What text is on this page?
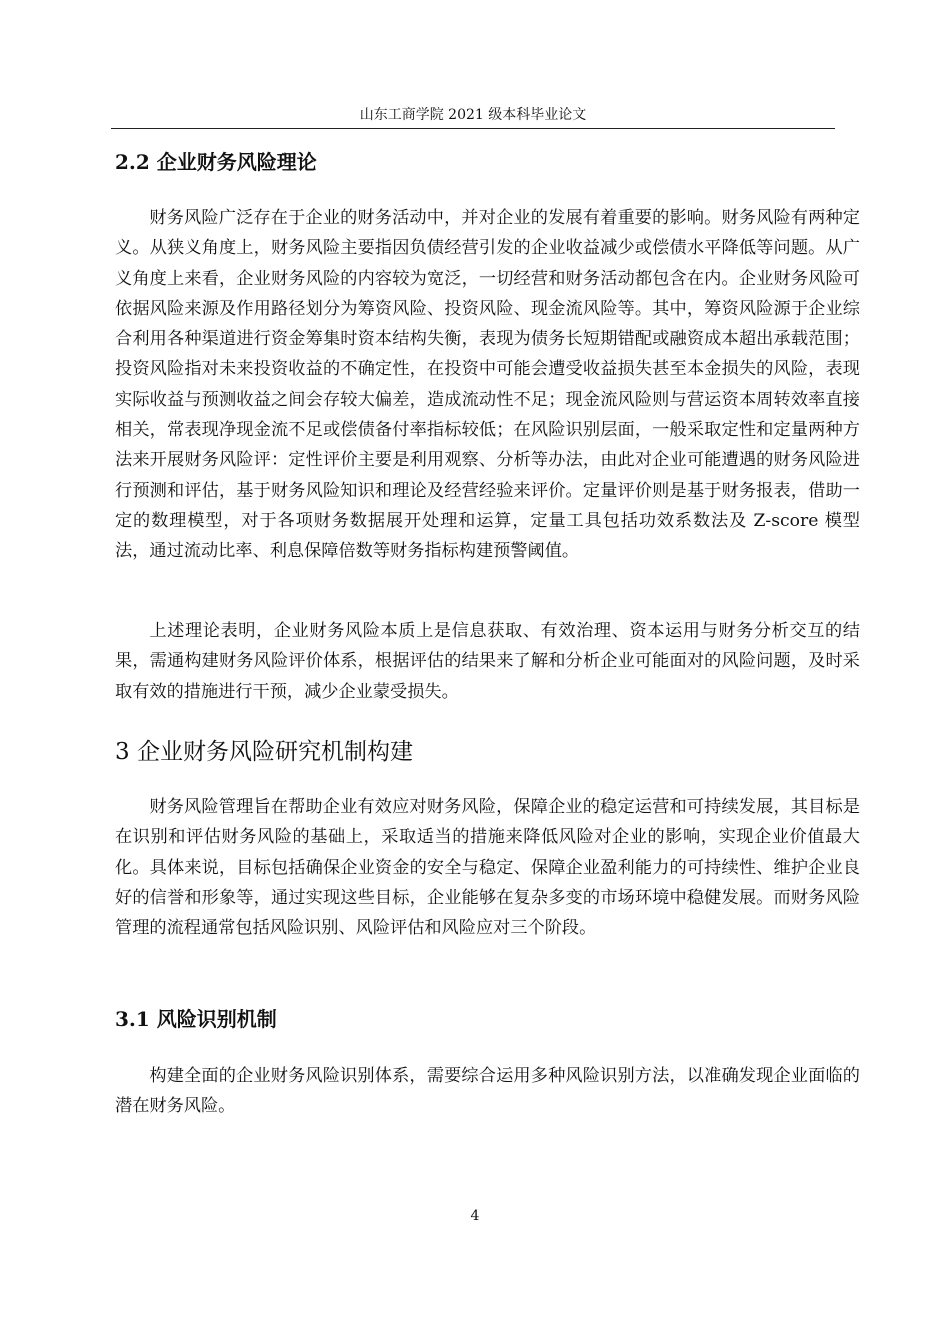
山东工商学院 2021 级本科毕业论文
2.2 企业财务风险理论

财务风险广泛存在于企业的财务活动中，并对企业的发展有着重要的影响。财务风险有两种定义。从狭义角度上，财务风险主要指因负债经营引发的企业收益减少或偿债水平降低等问题。从广义角度上来看，企业财务风险的内容较为宽泛，一切经营和财务活动都包含在内。企业财务风险可依据风险来源及作用路径划分为筹资风险、投资风险、现金流风险等。其中，筹资风险源于企业综合利用各种渠道进行资金筹集时资本结构失衡，表现为债务长短期错配或融资成本超出承载范围；投资风险指对未来投资收益的不确定性，在投资中可能会遭受收益损失甚至本金损失的风险，表现实际收益与预测收益之间会存较大偏差，造成流动性不足；现金流风险则与营运资本周转效率直接相关，常表现净现金流不足或偿债备付率指标较低；在风险识别层面，一般采取定性和定量两种方法来开展财务风险评：定性评价主要是利用观察、分析等办法，由此对企业可能遭遇的财务风险进行预测和评估，基于财务风险知识和理论及经营经验来评价。定量评价则是基于财务报表，借助一定的数理模型，对于各项财务数据展开处理和运算，定量工具包括功效系数法及 Z-score 模型法，通过流动比率、利息保障倍数等财务指标构建预警阈值。

上述理论表明，企业财务风险本质上是信息获取、有效治理、资本运用与财务分析交互的结果，需通构建财务风险评价体系，根据评估的结果来了解和分析企业可能面对的风险问题，及时采取有效的措施进行干预，减少企业蒙受损失。

3 企业财务风险研究机制构建

财务风险管理旨在帮助企业有效应对财务风险，保障企业的稳定运营和可持续发展，其目标是在识别和评估财务风险的基础上，采取适当的措施来降低风险对企业的影响，实现企业价值最大化。具体来说，目标包括确保企业资金的安全与稳定、保障企业盈利能力的可持续性、维护企业良好的信誉和形象等，通过实现这些目标，企业能够在复杂多变的市场环境中稳健发展。而财务风险管理的流程通常包括风险识别、风险评估和风险应对三个阶段。

3.1 风险识别机制

构建全面的企业财务风险识别体系，需要综合运用多种风险识别方法，以准确发现企业面临的潜在财务风险。

4
